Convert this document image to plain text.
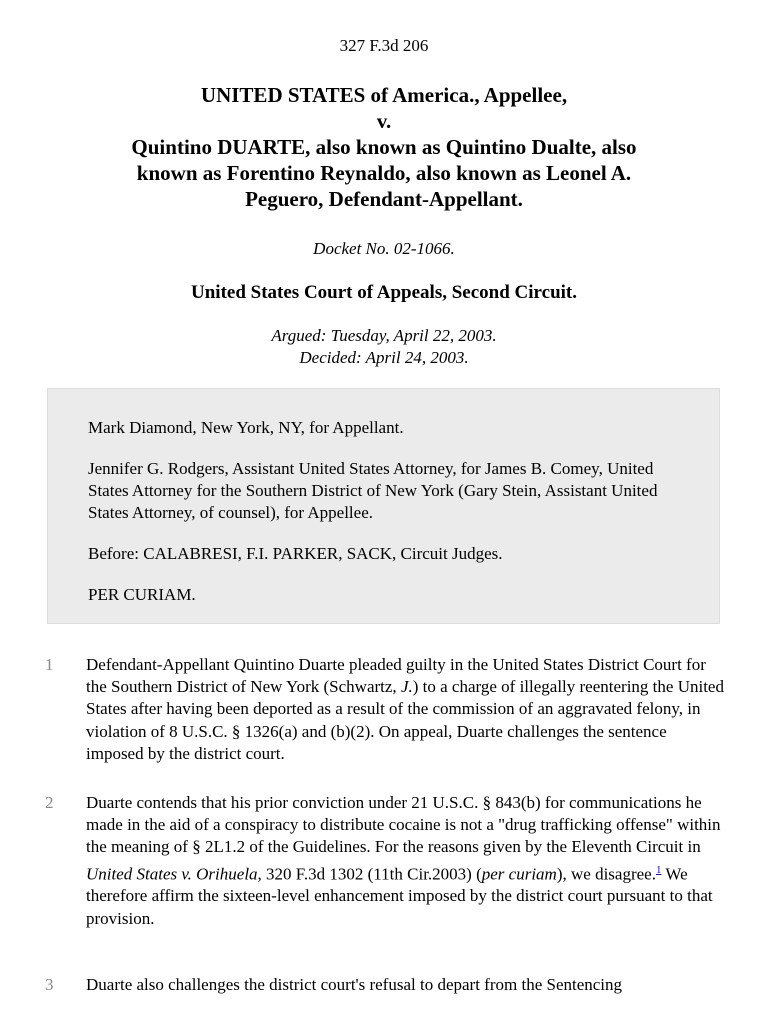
327 F.3d 206
UNITED STATES of America., Appellee,
v.
Quintino DUARTE, also known as Quintino Dualte, also
known as Forentino Reynaldo, also known as Leonel A.
Peguero, Defendant-Appellant.
Docket No. 02-1066.
United States Court of Appeals, Second Circuit.
Argued: Tuesday, April 22, 2003.
Decided: April 24, 2003.

Mark Diamond, New York, NY, for Appellant.

Jennifer G. Rodgers, Assistant United States Attorney, for James B. Comey, United States Attorney for the Southern District of New York (Gary Stein, Assistant United States Attorney, of counsel), for Appellee.

Before: CALABRESI, F.I. PARKER, SACK, Circuit Judges.

PER CURIAM.

1 Defendant-Appellant Quintino Duarte pleaded guilty in the United States District Court for the Southern District of New York (Schwartz, J.) to a charge of illegally reentering the United States after having been deported as a result of the commission of an aggravated felony, in violation of 8 U.S.C. § 1326(a) and (b)(2). On appeal, Duarte challenges the sentence imposed by the district court.

2 Duarte contends that his prior conviction under 21 U.S.C. § 843(b) for communications he made in the aid of a conspiracy to distribute cocaine is not a "drug trafficking offense" within the meaning of § 2L1.2 of the Guidelines. For the reasons given by the Eleventh Circuit in United States v. Orihuela, 320 F.3d 1302 (11th Cir.2003) (per curiam), we disagree.$^1$ We therefore affirm the sixteen-level enhancement imposed by the district court pursuant to that provision.

3 Duarte also challenges the district court's refusal to depart from the Sentencing
